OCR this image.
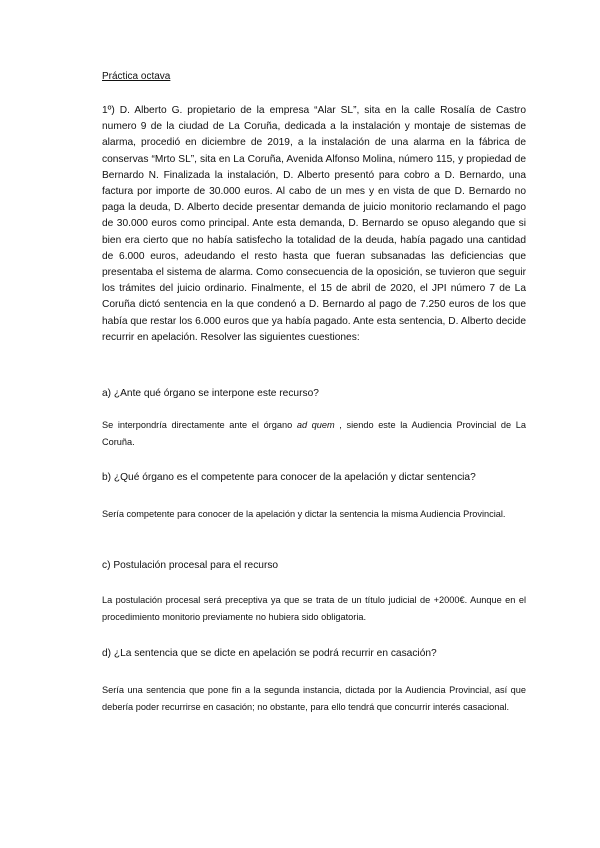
Práctica octava

1º) D. Alberto G. propietario de la empresa “Alar SL”, sita en la calle Rosalía de Castro numero 9 de la ciudad de La Coruña, dedicada a la instalación y montaje de sistemas de alarma, procedió en diciembre de 2019, a la instalación de una alarma en la fábrica de conservas “Mrto SL”, sita en La Coruña, Avenida Alfonso Molina, número 115, y propiedad de Bernardo N. Finalizada la instalación, D. Alberto presentó para cobro a D. Bernardo, una factura por importe de 30.000 euros. Al cabo de un mes y en vista de que D. Bernardo no paga la deuda, D. Alberto decide presentar demanda de juicio monitorio reclamando el pago de 30.000 euros como principal. Ante esta demanda, D. Bernardo se opuso alegando que si bien era cierto que no había satisfecho la totalidad de la deuda, había pagado una cantidad de 6.000 euros, adeudando el resto hasta que fueran subsanadas las deficiencias que presentaba el sistema de alarma. Como consecuencia de la oposición, se tuvieron que seguir los trámites del juicio ordinario. Finalmente, el 15 de abril de 2020, el JPI número 7 de La Coruña dictó sentencia en la que condenó a D. Bernardo al pago de 7.250 euros de los que había que restar los 6.000 euros que ya había pagado. Ante esta sentencia, D. Alberto decide recurrir en apelación. Resolver las siguientes cuestiones:

a) ¿Ante qué órgano se interpone este recurso?

Se interpondría directamente ante el órgano ad quem , siendo este la Audiencia Provincial de La Coruña.

b) ¿Qué órgano es el competente para conocer de la apelación y dictar sentencia?

Sería competente para conocer de la apelación y dictar la sentencia la misma Audiencia Provincial.

c) Postulación procesal para el recurso

La postulación procesal será preceptiva ya que se trata de un título judicial de +2000€. Aunque en el procedimiento monitorio previamente no hubiera sido obligatoria.

d) ¿La sentencia que se dicte en apelación se podrá recurrir en casación?

Sería una sentencia que pone fin a la segunda instancia, dictada por la Audiencia Provincial, así que debería poder recurrirse en casación; no obstante, para ello tendrá que concurrir interés casacional.
